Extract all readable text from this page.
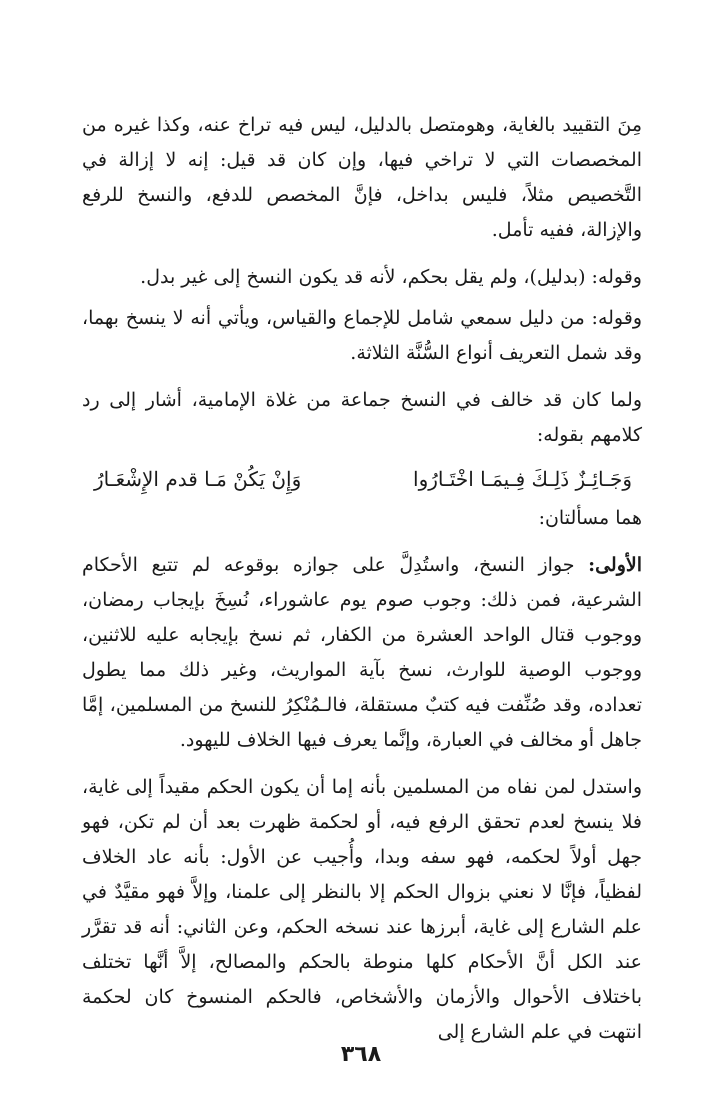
مِنَ التقييد بالغاية، وهومتصل بالدليل، ليس فيه تراخ عنه، وكذا غيره من المخصصات التي لا تراخي فيها، وإن كان قد قيل: إنه لا إزالة في التَّخصيص مثلاً، فليس بداخل، فإنَّ المخصص للدفع، والنسخ للرفع والإزالة، ففيه تأمل.

وقوله: (بدليل)، ولم يقل بحكم، لأنه قد يكون النسخ إلى غير بدل.

وقوله: من دليل سمعي شامل للإجماع والقياس، ويأتي أنه لا ينسخ بهما، وقد شمل التعريف أنواع السُّنَّة الثلاثة.

ولما كان قد خالف في النسخ جماعة من غلاة الإمامية، أشار إلى رد كلامهم بقوله:

وَجَـائِـزٌ ذَلِـكَ فِـيمَـا اخْتَـارُوا
وَإِنْ يَكُنْ مَـا قدم الإِشْعَـارُ

هما مسألتان:

الأولى: جواز النسخ، واستُدِلَّ على جوازه بوقوعه لم تتبع الأحكام الشرعية، فمن ذلك: وجوب صوم يوم عاشوراء، نُسِخَ بإيجاب رمضان، ووجوب قتال الواحد العشرة من الكفار، ثم نسخ بإيجابه عليه للاثنين، ووجوب الوصية للوارث، نسخ بآية المواريث، وغير ذلك مما يطول تعداده، وقد صُنِّفت فيه كتبٌ مستقلة، فالـمُنْكِرُ للنسخ من المسلمين، إمَّا جاهل أو مخالف في العبارة، وإنَّما يعرف فيها الخلاف لليهود.

واستدل لمن نفاه من المسلمين بأنه إما أن يكون الحكم مقيداً إلى غاية، فلا ينسخ لعدم تحقق الرفع فيه، أو لحكمة ظهرت بعد أن لم تكن، فهو جهل أولاً لحكمه، فهو سفه وبدا، وأُجيب عن الأول: بأنه عاد الخلاف لفظياً، فإنَّا لا نعني بزوال الحكم إلا بالنظر إلى علمنا، وإلاَّ فهو مقيَّدٌ في علم الشارع إلى غاية، أبرزها عند نسخه الحكم، وعن الثاني: أنه قد تقرَّر عند الكل أنَّ الأحكام كلها منوطة بالحكم والمصالح، إلاَّ أنَّها تختلف باختلاف الأحوال والأزمان والأشخاص، فالحكم المنسوخ كان لحكمة انتهت في علم الشارع إلى

٣٦٨
